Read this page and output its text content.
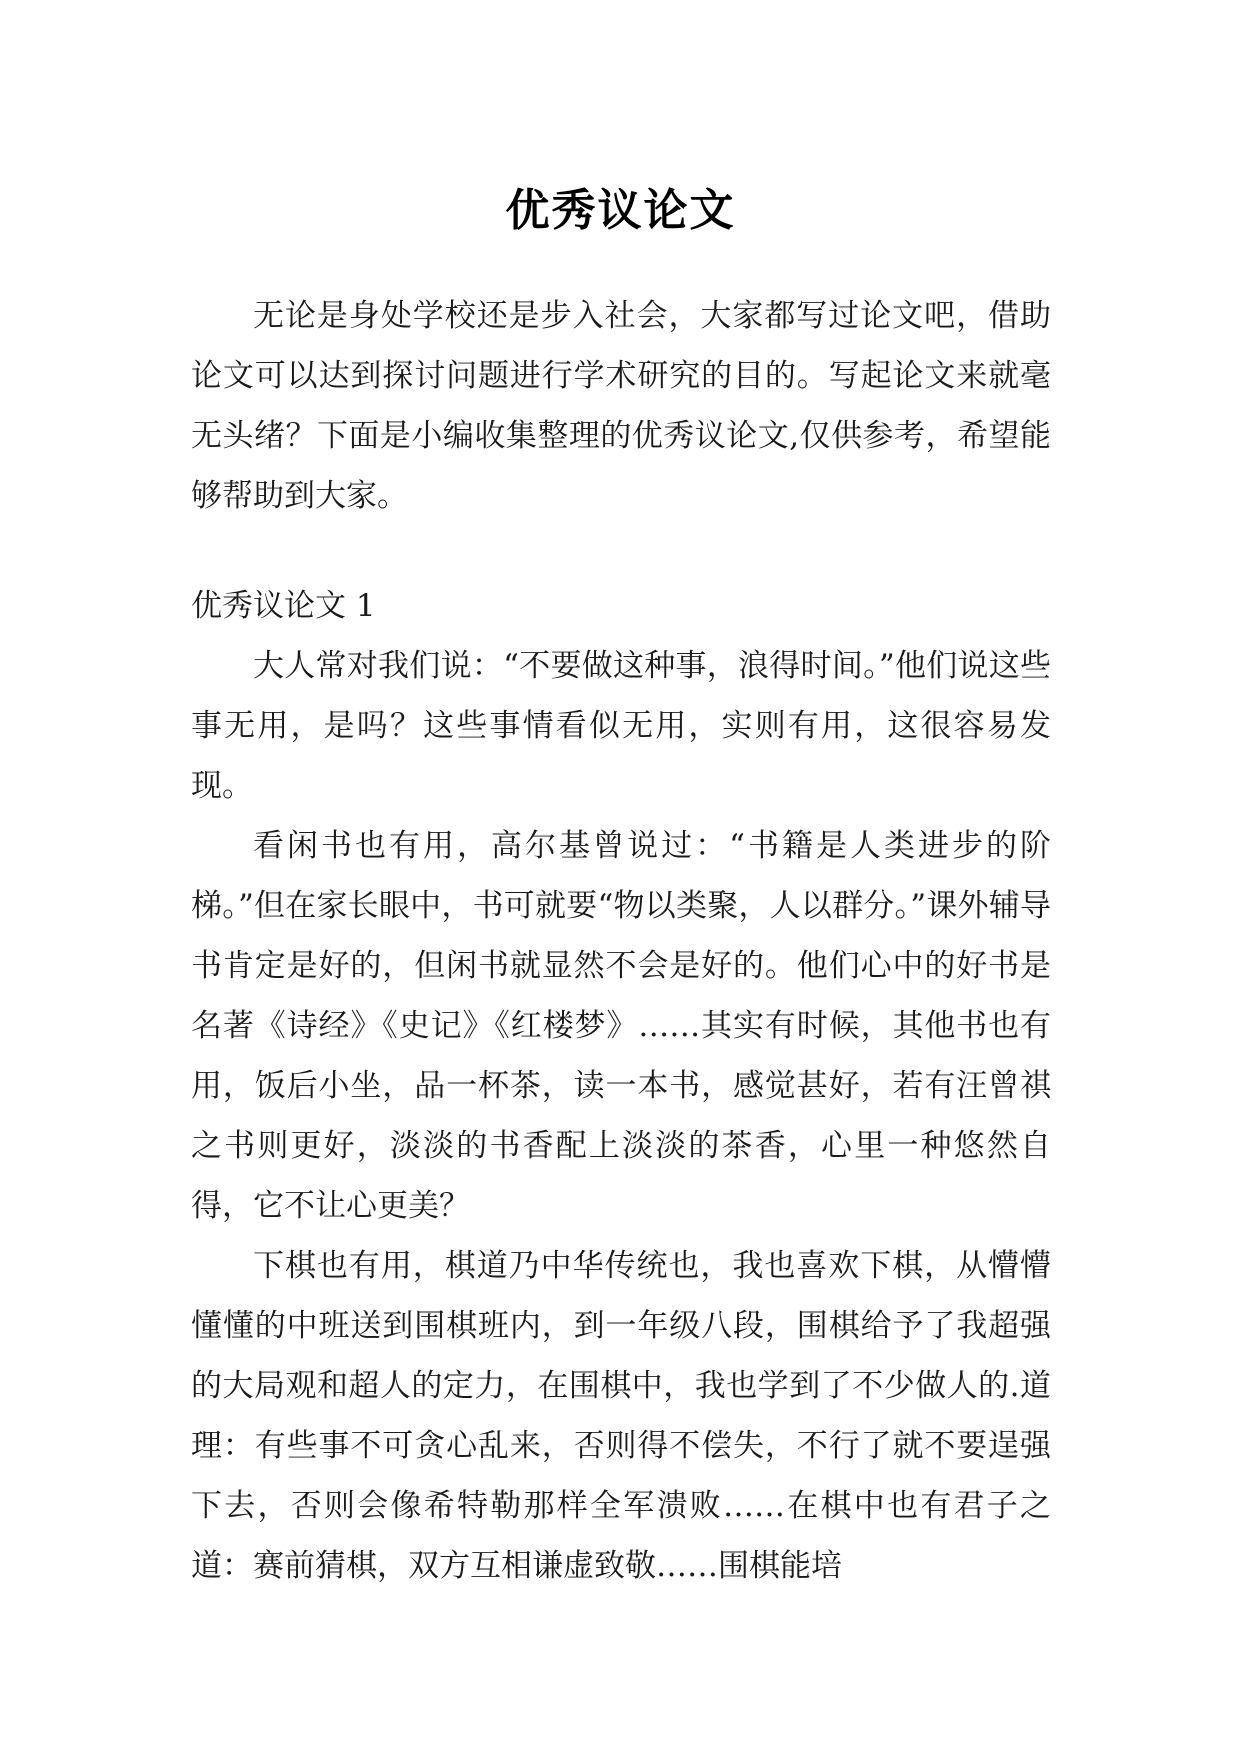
优秀议论文

无论是身处学校还是步入社会，大家都写过论文吧，借助论文可以达到探讨问题进行学术研究的目的。写起论文来就毫无头绪？下面是小编收集整理的优秀议论文,仅供参考，希望能够帮助到大家。

优秀议论文 1

大人常对我们说：“不要做这种事，浪得时间。”他们说这些事无用，是吗？这些事情看似无用，实则有用，这很容易发现。

看闲书也有用，高尔基曾说过：“书籍是人类进步的阶梯。”但在家长眼中，书可就要“物以类聚，人以群分。”课外辅导书肯定是好的，但闲书就显然不会是好的。他们心中的好书是名著《诗经》《史记》《红楼梦》……其实有时候，其他书也有用，饭后小坐，品一杯茶，读一本书，感觉甚好，若有汪曾祺之书则更好，淡淡的书香配上淡淡的茶香，心里一种悠然自得，它不让心更美？

下棋也有用，棋道乃中华传统也，我也喜欢下棋，从懵懵懂懂的中班送到围棋班内，到一年级八段，围棋给予了我超强的大局观和超人的定力，在围棋中，我也学到了不少做人的.道理：有些事不可贪心乱来，否则得不偿失，不行了就不要逞强下去，否则会像希特勒那样全军溃败……在棋中也有君子之道：赛前猜棋，双方互相谦虚致敬……围棋能培
